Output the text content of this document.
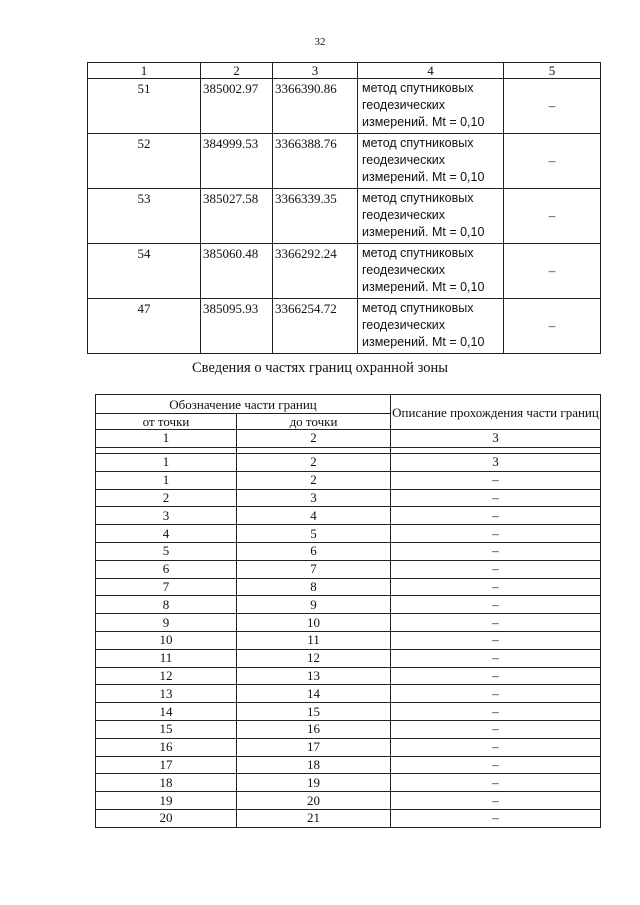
32
1	2	3	4	5
51	385002.97	3366390.86	метод спутниковых геодезических измерений. Mt = 0,10	–
52	384999.53	3366388.76	метод спутниковых геодезических измерений. Mt = 0,10	–
53	385027.58	3366339.35	метод спутниковых геодезических измерений. Mt = 0,10	–
54	385060.48	3366292.24	метод спутниковых геодезических измерений. Mt = 0,10	–
47	385095.93	3366254.72	метод спутниковых геодезических измерений. Mt = 0,10	–
Сведения о частях границ охранной зоны
Обозначение части границ		Описание прохождения части границ
от точки	до точки	
1	2	3

1	2	3
1	2	–
2	3	–
3	4	–
4	5	–
5	6	–
6	7	–
7	8	–
8	9	–
9	10	–
10	11	–
11	12	–
12	13	–
13	14	–
14	15	–
15	16	–
16	17	–
17	18	–
18	19	–
19	20	–
20	21	–
